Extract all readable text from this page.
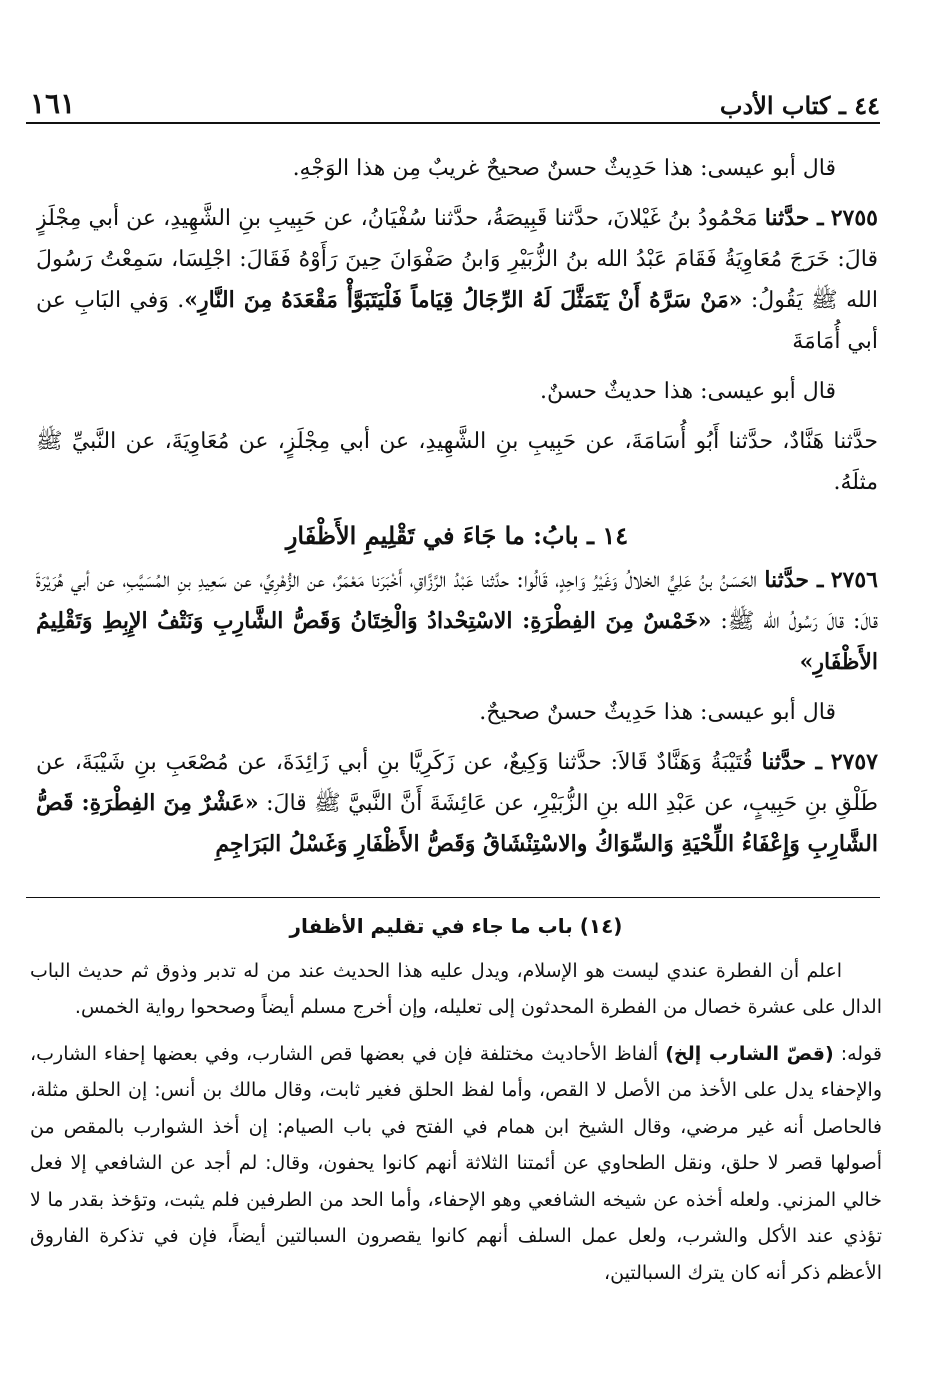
١٦١	٤٤ ـ كتاب الأدب

قال أبو عيسى: هذا حَدِيثٌ حسنٌ صحيحٌ غريبٌ مِن هذا الوَجْهِ.

٢٧٥٥ ـ حدَّثنا مَحْمُودُ بنُ غَيْلانَ، حدَّثنا قَبِيصَةُ، حدَّثنا سُفْيَانُ، عن حَبِيبِ بنِ الشَّهِيدِ، عن أبي مِجْلَزٍ قالَ: خَرَجَ مُعَاوِيَةُ فَقَامَ عَبْدُ الله بنُ الزُّبَيْرِ وَابنُ صَفْوَانَ حِينَ رَأَوْهُ فَقَالَ: اجْلِسَا، سَمِعْتُ رَسُولَ الله ﷺ يَقُولُ: «مَنْ سَرَّهُ أَنْ يَتَمَثَّلَ لَهُ الرِّجَالُ قِيَاماً فَلْيَتَبَوَّأْ مَقْعَدَهُ مِنَ النَّارِ». وَفي البَابِ عن أبي أُمَامَةَ

قال أبو عيسى: هذا حديثٌ حسنٌ.

حدَّثنا هَنَّادٌ، حدَّثنا أَبُو أُسَامَةَ، عن حَبِيبِ بنِ الشَّهِيدِ، عن أبي مِجْلَزٍ، عن مُعَاوِيَةَ، عن النَّبيِّ ﷺ مثلَهُ.

١٤ ـ بابُ: ما جَاءَ في تَقْلِيمِ الأَظْفَارِ

٢٧٥٦ ـ حدَّثنا الحَسَنُ بنُ عَلِيٍّ الخلالُ وَغَيْرُ وَاحِدٍ، قَالُوا: حدَّثنا عَبْدُ الرَّزَّاقِ، أَخْبَرَنا مَعْمَرٌ، عن الزُّهْرِيِّ، عن سَعِيدِ بنِ المُسَيَّبِ، عن أبي هُرَيْرَةَ قالَ: قالَ رَسُولُ الله ﷺ: «خَمْسٌ مِنَ الفِطْرَةِ: الاسْتِحْدادُ وَالْخِتَانُ وَقَصُّ الشَّارِبِ وَنَتْفُ الإِبِطِ وَتَقْلِيمُ الأَظْفَارِ»

قال أبو عيسى: هذا حَدِيثٌ حسنٌ صحيحٌ.

٢٧٥٧ ـ حدَّثنا قُتَيْبَةُ وَهَنَّادٌ قَالاَ: حدَّثنا وَكِيعٌ، عن زَكَرِيَّا بنِ أبي زَائِدَةَ، عن مُصْعَبِ بنِ شَيْبَةَ، عن طَلْقِ بنِ حَبِيبٍ، عن عَبْدِ الله بنِ الزُّبَيْرِ، عن عَائِشَةَ أَنَّ النَّبيَّ ﷺ قالَ: «عَشْرٌ مِنَ الفِطْرَةِ: قَصُّ الشَّارِبِ وَإِعْفَاءُ اللِّحْيَةِ وَالسِّوَاكُ والاسْتِنْشَاقُ وَقَصُّ الأَظْفَارِ وَغَسْلُ البَرَاجِمِ

(١٤) باب ما جاء في تقليم الأظفار

اعلم أن الفطرة عندي ليست هو الإسلام، ويدل عليه هذا الحديث عند من له تدبر وذوق ثم حديث الباب الدال على عشرة خصال من الفطرة المحدثون إلى تعليله، وإن أخرج مسلم أيضاً وصححوا رواية الخمس.

قوله: (قصّ الشارب إلخ) ألفاظ الأحاديث مختلفة فإن في بعضها قص الشارب، وفي بعضها إحفاء الشارب، والإحفاء يدل على الأخذ من الأصل لا القص، وأما لفظ الحلق فغير ثابت، وقال مالك بن أنس: إن الحلق مثلة، فالحاصل أنه غير مرضي، وقال الشيخ ابن همام في الفتح في باب الصيام: إن أخذ الشوارب بالمقص من أصولها قصر لا حلق، ونقل الطحاوي عن أئمتنا الثلاثة أنهم كانوا يحفون، وقال: لم أجد عن الشافعي إلا فعل خالي المزني. ولعله أخذه عن شيخه الشافعي وهو الإحفاء، وأما الحد من الطرفين فلم يثبت، وتؤخذ بقدر ما لا تؤذي عند الأكل والشرب، ولعل عمل السلف أنهم كانوا يقصرون السبالتين أيضاً، فإن في تذكرة الفاروق الأعظم ذكر أنه كان يترك السبالتين،
